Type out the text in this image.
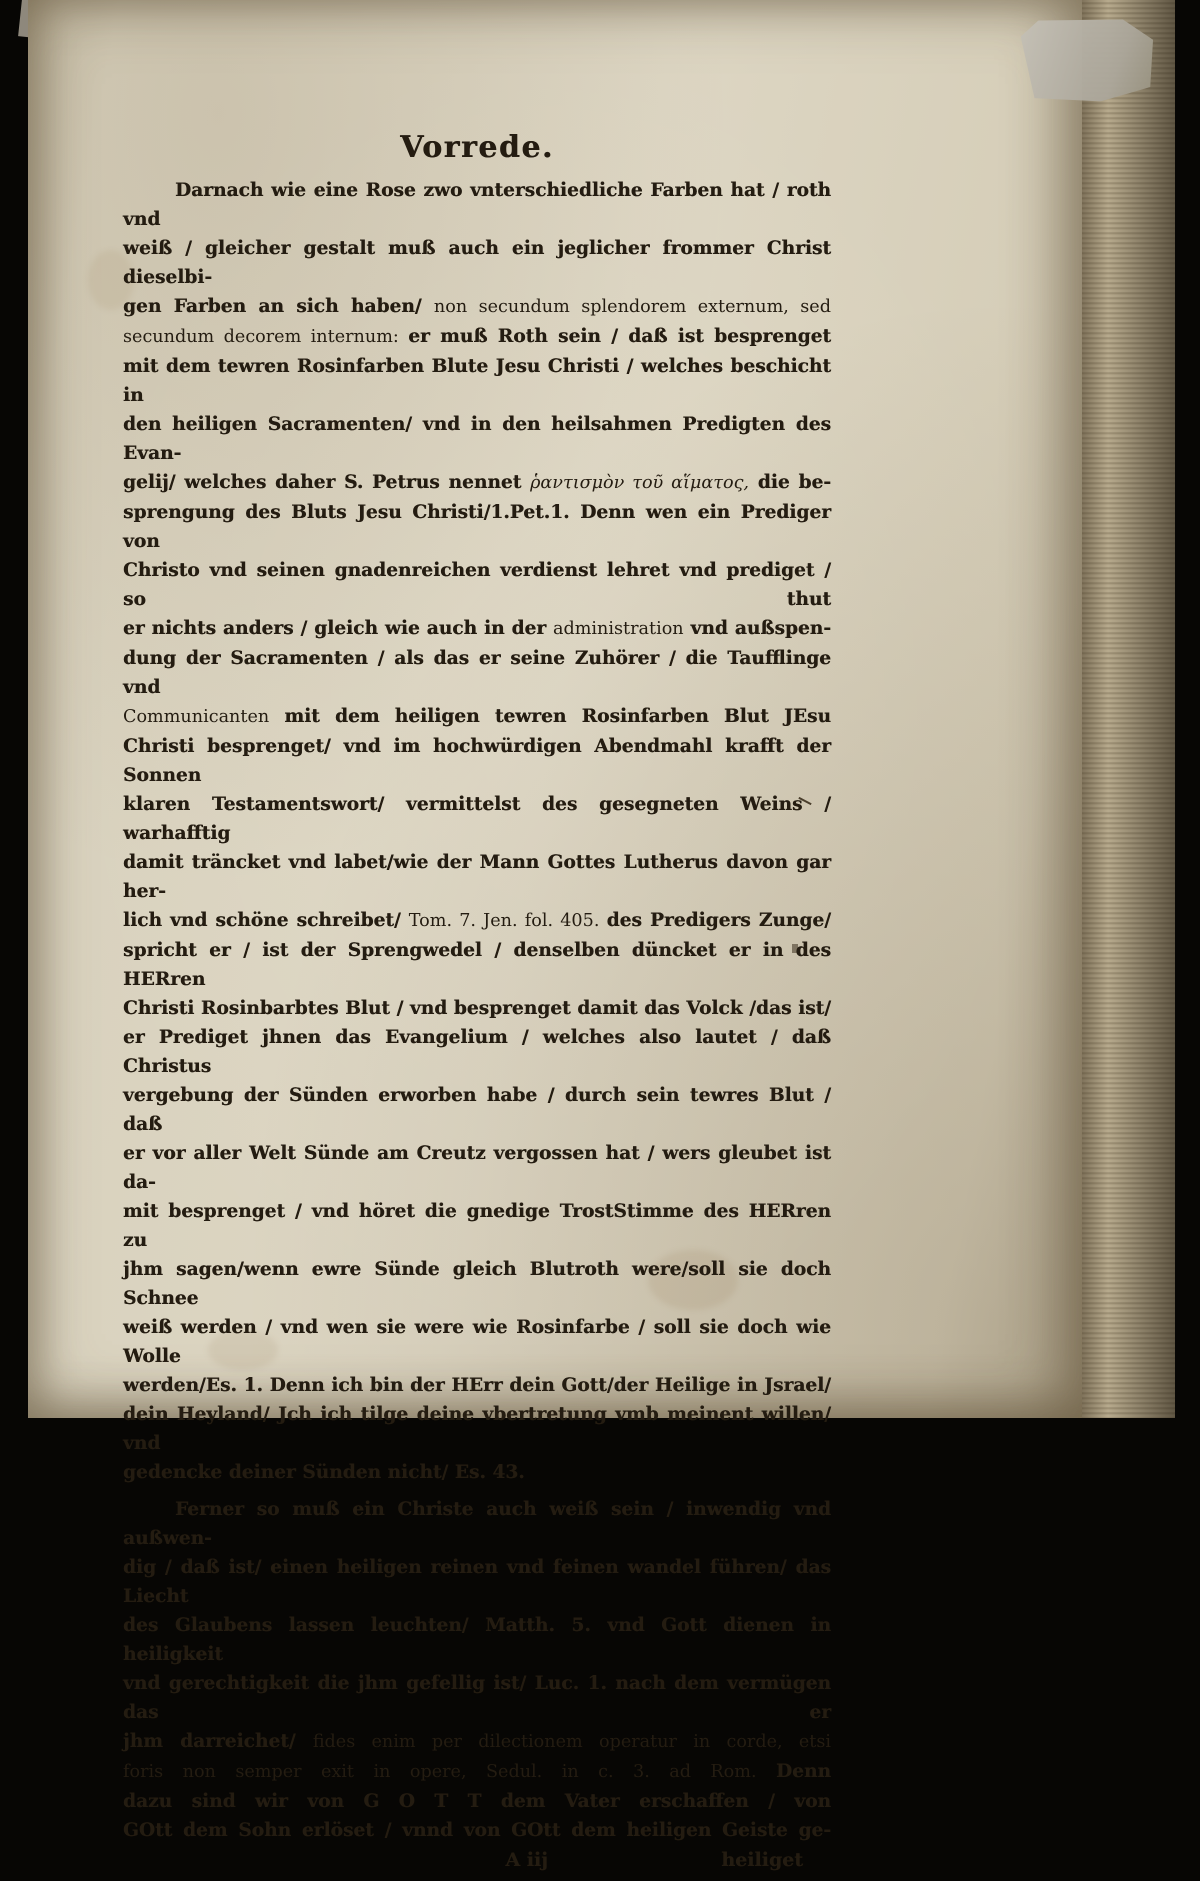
Vorrede.
Darnach wie eine Rose zwo vnterschiedliche Farben hat / roth vnd
weiß / gleicher gestalt muß auch ein jeglicher frommer Christ dieselbi-
gen Farben an sich haben/ non secundum splendorem externum, sed
secundum decorem internum: er muß Roth sein / daß ist besprenget
mit dem tewren Rosinfarben Blute Jesu Christi / welches beschicht in
den heiligen Sacramenten/ vnd in den heilsahmen Predigten des Evan-
gelij/ welches daher S. Petrus nennet ῥαντισμὸν τοῦ αἵματος, die be-
sprengung des Bluts Jesu Christi/1.Pet.1. Denn wen ein Prediger von
Christo vnd seinen gnadenreichen verdienst lehret vnd prediget / so thut
er nichts anders / gleich wie auch in der administration vnd außspen-
dung der Sacramenten / als das er seine Zuhörer / die Taufflinge vnd
Communicanten mit dem heiligen tewren Rosinfarben Blut JEsu
Christi besprenget/ vnd im hochwürdigen Abendmahl krafft der Sonnen
klaren Testamentswort/ vermittelst des gesegneten Weins / warhafftig
damit träncket vnd labet/wie der Mann Gottes Lutherus davon gar her-
lich vnd schöne schreibet/ Tom. 7. Jen. fol. 405. des Predigers Zunge/
spricht er / ist der Sprengwedel / denselben düncket er in des HERren
Christi Rosinbarbtes Blut / vnd besprenget damit das Volck /das ist/
er Prediget jhnen das Evangelium / welches also lautet / daß Christus
vergebung der Sünden erworben habe / durch sein tewres Blut / daß
er vor aller Welt Sünde am Creutz vergossen hat / wers gleubet ist da-
mit besprenget / vnd höret die gnedige TrostStimme des HERren zu
jhm sagen/wenn ewre Sünde gleich Blutroth were/soll sie doch Schnee
weiß werden / vnd wen sie were wie Rosinfarbe / soll sie doch wie Wolle
werden/Es. 1. Denn ich bin der HErr dein Gott/der Heilige in Jsrael/
dein Heyland/ Jch ich tilge deine vbertretung vmb meinent willen/ vnd
gedencke deiner Sünden nicht/ Es. 43.
Ferner so muß ein Christe auch weiß sein / inwendig vnd außwen-
dig / daß ist/ einen heiligen reinen vnd feinen wandel führen/ das Liecht
des Glaubens lassen leuchten/ Matth. 5. vnd Gott dienen in heiligkeit
vnd gerechtigkeit die jhm gefellig ist/ Luc. 1. nach dem vermügen das er
jhm darreichet/ fides enim per dilectionem operatur in corde, etsi
foris non semper exit in opere, Sedul. in c. 3. ad Rom. Denn
dazu sind wir von G O T T dem Vater erschaffen / von
GOtt dem Sohn erlöset / vnnd von GOtt dem heiligen Geiste ge-
A iij	heiliget
